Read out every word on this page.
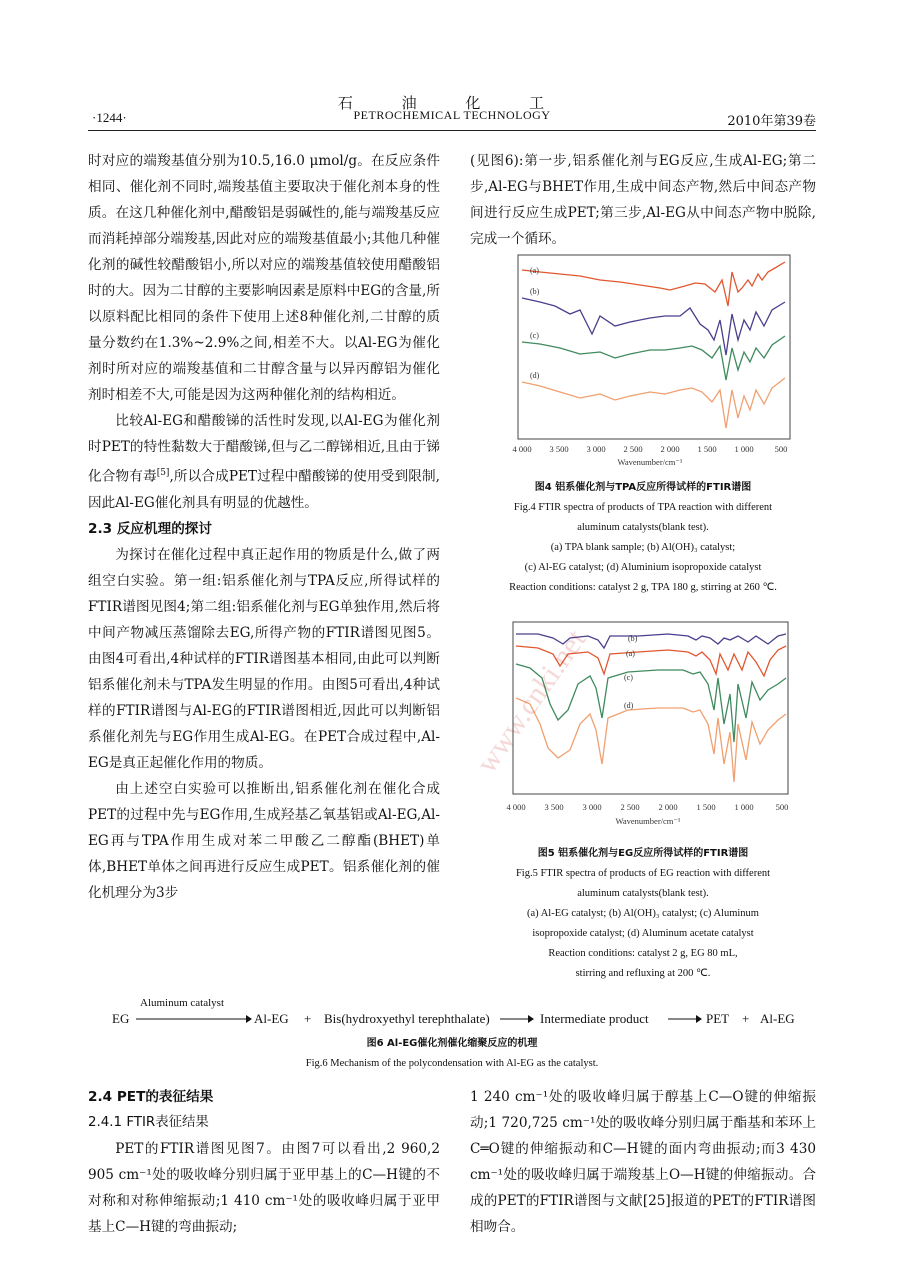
石 油 化 工
PETROCHEMICAL TECHNOLOGY
·1244·	2010年第39卷

时对应的端羧基值分别为10.5,16.0 μmol/g。在反应条件相同、催化剂不同时,端羧基值主要取决于催化剂本身的性质。在这几种催化剂中,醋酸铝是弱碱性的,能与端羧基反应而消耗掉部分端羧基,因此对应的端羧基值最小;其他几种催化剂的碱性较醋酸铝小,所以对应的端羧基值较使用醋酸铝时的大。因为二甘醇的主要影响因素是原料中EG的含量,所以原料配比相同的条件下使用上述8种催化剂,二甘醇的质量分数约在1.3%~2.9%之间,相差不大。以Al-EG为催化剂时所对应的端羧基值和二甘醇含量与以异丙醇铝为催化剂时相差不大,可能是因为这两种催化剂的结构相近。

比较Al-EG和醋酸锑的活性时发现,以Al-EG为催化剂时PET的特性黏数大于醋酸锑,但与乙二醇锑相近,且由于锑化合物有毒[5],所以合成PET过程中醋酸锑的使用受到限制,因此Al-EG催化剂具有明显的优越性。

2.3 反应机理的探讨

为探讨在催化过程中真正起作用的物质是什么,做了两组空白实验。第一组:铝系催化剂与TPA反应,所得试样的FTIR谱图见图4;第二组:铝系催化剂与EG单独作用,然后将中间产物减压蒸馏除去EG,所得产物的FTIR谱图见图5。由图4可看出,4种试样的FTIR谱图基本相同,由此可以判断铝系催化剂未与TPA发生明显的作用。由图5可看出,4种试样的FTIR谱图与Al-EG的FTIR谱图相近,因此可以判断铝系催化剂先与EG作用生成Al-EG。在PET合成过程中,Al-EG是真正起催化作用的物质。

由上述空白实验可以推断出,铝系催化剂在催化合成PET的过程中先与EG作用,生成羟基乙氧基铝或Al-EG,Al-EG再与TPA作用生成对苯二甲酸乙二醇酯(BHET)单体,BHET单体之间再进行反应生成PET。铝系催化剂的催化机理分为3步

(见图6):第一步,铝系催化剂与EG反应,生成Al-EG;第二步,Al-EG与BHET作用,生成中间态产物,然后中间态产物间进行反应生成PET;第三步,Al-EG从中间态产物中脱除,完成一个循环。

(a)
(b)
(c)
(d)
4 000 3 500 3 000 2 500 2 000 1 500 1 000 500
Wavenumber/cm⁻¹
图4 铝系催化剂与TPA反应所得试样的FTIR谱图
Fig.4 FTIR spectra of products of TPA reaction with different
aluminum catalysts(blank test).
(a) TPA blank sample; (b) Al(OH)₃ catalyst;
(c) Al-EG catalyst; (d) Aluminium isopropoxide catalyst
Reaction conditions: catalyst 2 g, TPA 180 g, stirring at 260 ℃.
(b)
(a)
(c)
(d)
4 000 3 500 3 000 2 500 2 000 1 500 1 000	500
Wavenumber/cm⁻¹
图5 铝系催化剂与EG反应所得试样的FTIR谱图
Fig.5 FTIR spectra of products of EG reaction with different
aluminum catalysts(blank test).
(a) Al-EG catalyst; (b) Al(OH)₃ catalyst; (c) Aluminum
isopropoxide catalyst; (d) Aluminum acetate catalyst
Reaction conditions: catalyst 2 g, EG 80 mL,
stirring and refluxing at 200 ℃.
EG
Aluminum catalyst
Al-EG + Bis(hydroxyethyl terephthalate)	Intermediate product	PET + Al-EG
图6 Al-EG催化剂催化缩聚反应的机理
Fig.6 Mechanism of the polycondensation with Al-EG as the catalyst.

2.4 PET的表征结果

2.4.1 FTIR表征结果

PET的FTIR谱图见图7。由图7可以看出,2 960,2 905 cm⁻¹处的吸收峰分别归属于亚甲基上的C—H键的不对称和对称伸缩振动;1 410 cm⁻¹处的吸收峰归属于亚甲基上C—H键的弯曲振动;

1 240 cm⁻¹处的吸收峰归属于醇基上C—O键的伸缩振动;1 720,725 cm⁻¹处的吸收峰分别归属于酯基和苯环上C═O键的伸缩振动和C—H键的面内弯曲振动;而3 430 cm⁻¹处的吸收峰归属于端羧基上O—H键的伸缩振动。合成的PET的FTIR谱图与文献[25]报道的PET的FTIR谱图相吻合。

www.cnki.net
